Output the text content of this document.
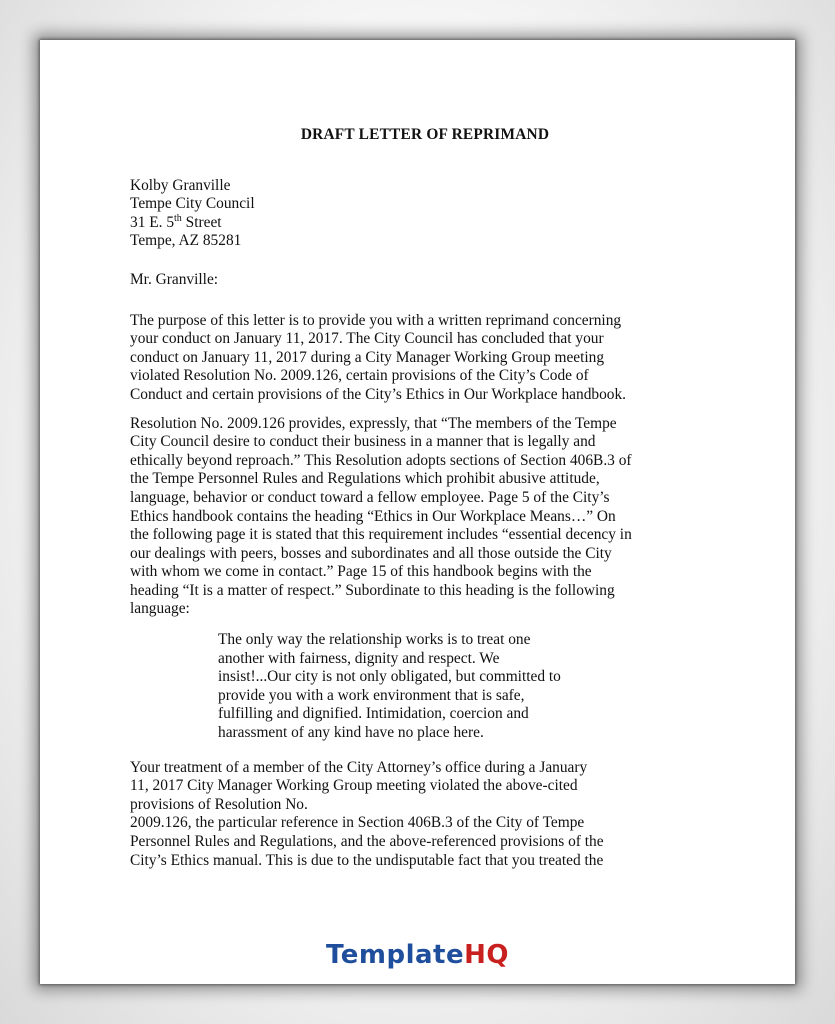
DRAFT LETTER OF REPRIMAND
Kolby Granville
Tempe City Council
31 E. 5th Street
Tempe, AZ 85281
Mr. Granville:
The purpose of this letter is to provide you with a written reprimand concerning
your conduct on January 11, 2017. The City Council has concluded that your
conduct on January 11, 2017 during a City Manager Working Group meeting
violated Resolution No. 2009.126, certain provisions of the City’s Code of
Conduct and certain provisions of the City’s Ethics in Our Workplace handbook.
Resolution No. 2009.126 provides, expressly, that “The members of the Tempe
City Council desire to conduct their business in a manner that is legally and
ethically beyond reproach.” This Resolution adopts sections of Section 406B.3 of
the Tempe Personnel Rules and Regulations which prohibit abusive attitude,
language, behavior or conduct toward a fellow employee. Page 5 of the City’s
Ethics handbook contains the heading “Ethics in Our Workplace Means…” On
the following page it is stated that this requirement includes “essential decency in
our dealings with peers, bosses and subordinates and all those outside the City
with whom we come in contact.” Page 15 of this handbook begins with the
heading “It is a matter of respect.” Subordinate to this heading is the following
language:
The only way the relationship works is to treat one
another with fairness, dignity and respect. We
insist!...Our city is not only obligated, but committed to
provide you with a work environment that is safe,
fulfilling and dignified. Intimidation, coercion and
harassment of any kind have no place here.
Your treatment of a member of the City Attorney’s office during a January
11, 2017 City Manager Working Group meeting violated the above-cited
provisions of Resolution No.
2009.126, the particular reference in Section 406B.3 of the City of Tempe
Personnel Rules and Regulations, and the above-referenced provisions of the
City’s Ethics manual. This is due to the undisputable fact that you treated the
TemplateHQ
